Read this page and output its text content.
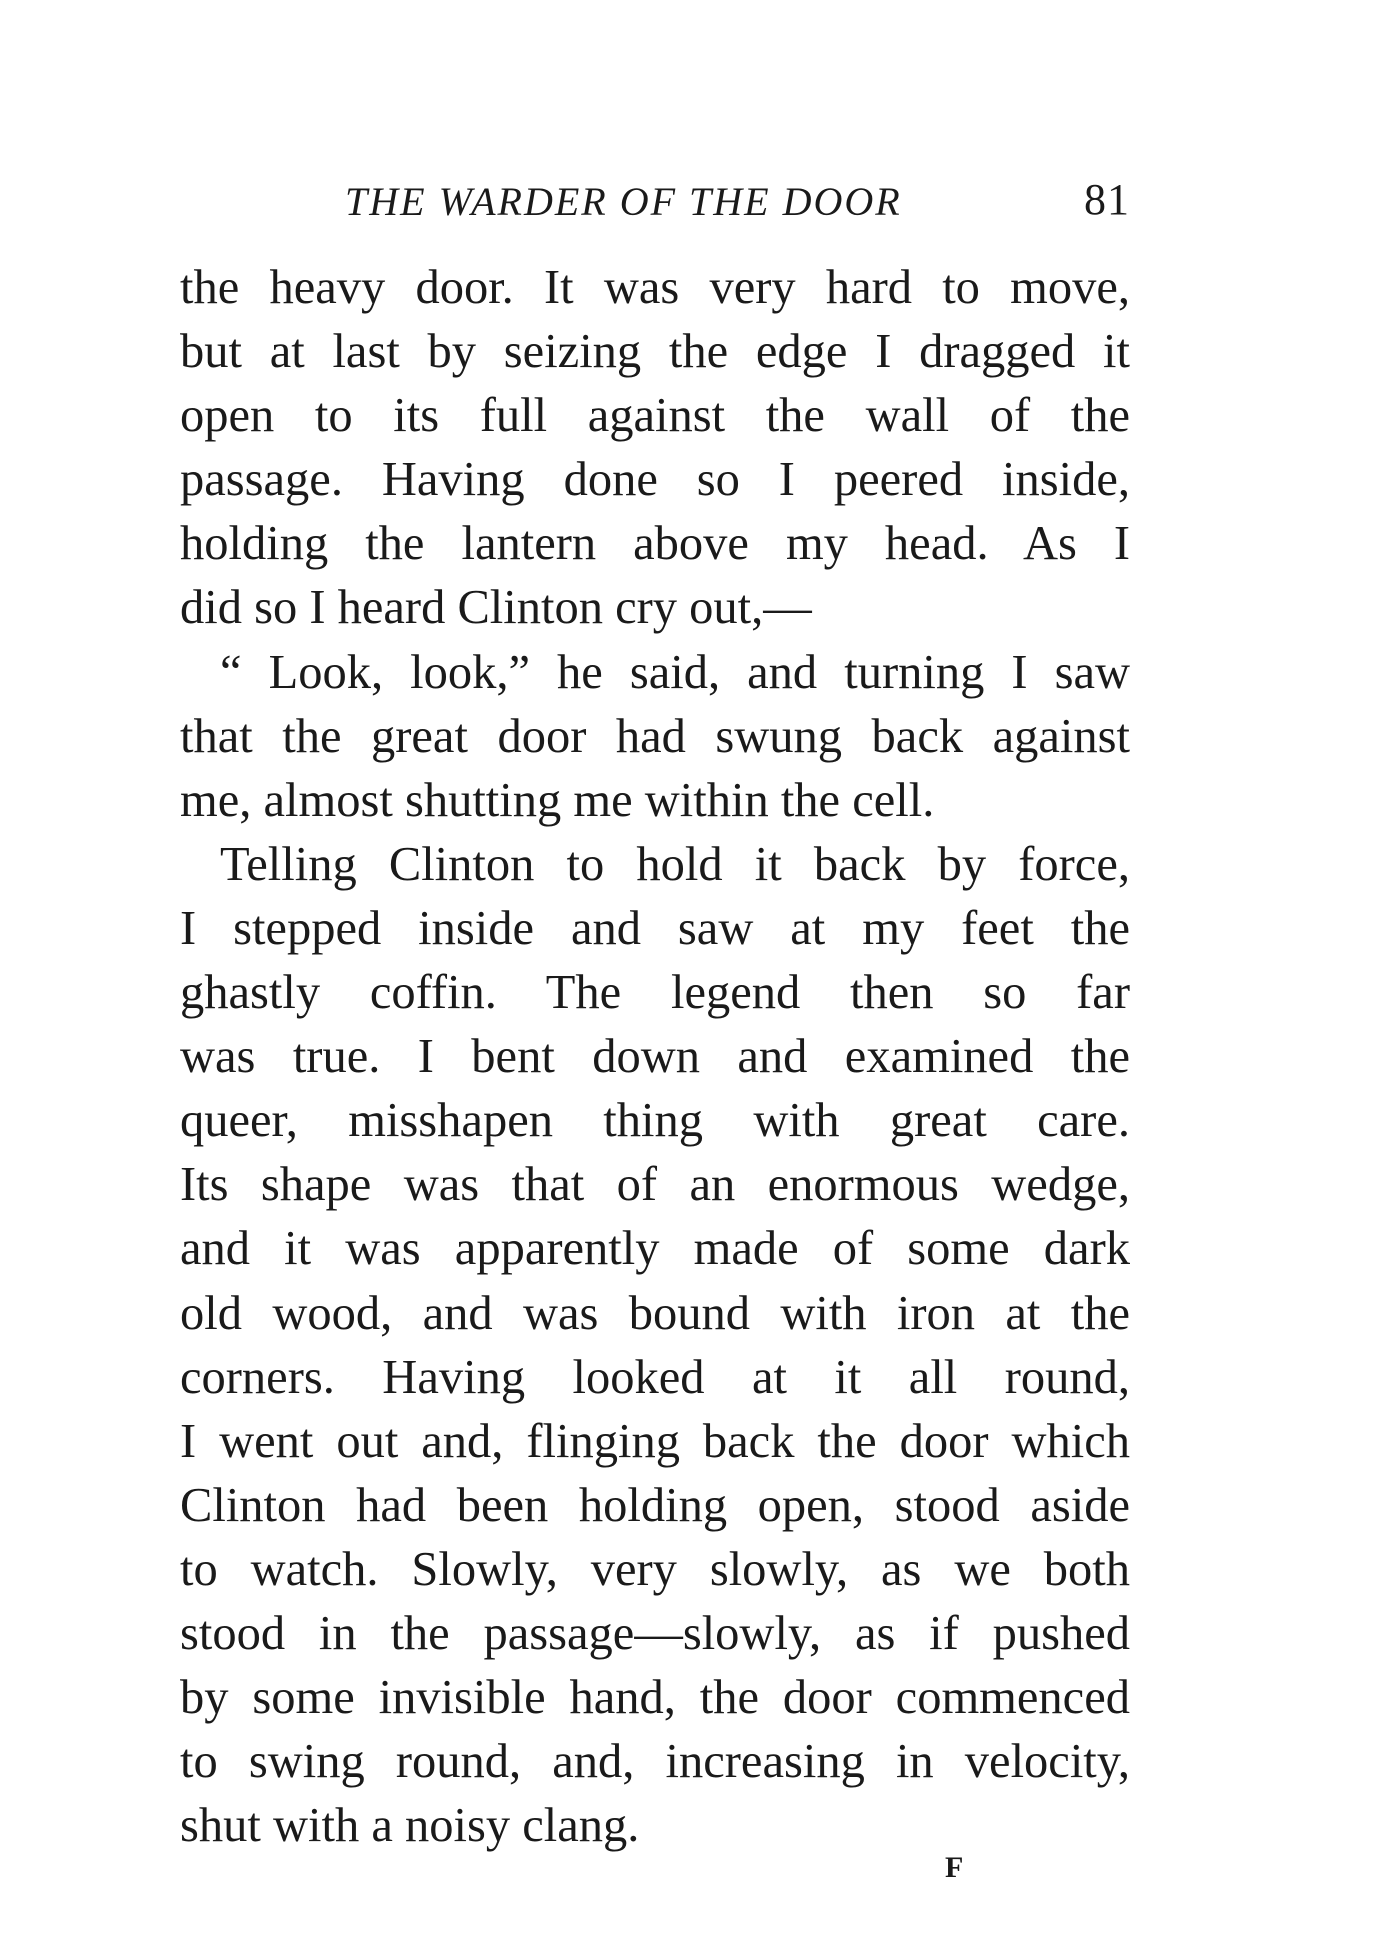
THE WARDER OF THE DOOR	81
the heavy door. It was very hard to move,
but at last by seizing the edge I dragged it
open to its full against the wall of the
passage. Having done so I peered inside,
holding the lantern above my head. As I
did so I heard Clinton cry out,—
“ Look, look,” he said, and turning I saw
that the great door had swung back against
me, almost shutting me within the cell.
Telling Clinton to hold it back by force,
I stepped inside and saw at my feet the
ghastly coffin. The legend then so far
was true. I bent down and examined the
queer, misshapen thing with great care.
Its shape was that of an enormous wedge,
and it was apparently made of some dark
old wood, and was bound with iron at the
corners. Having looked at it all round,
I went out and, flinging back the door which
Clinton had been holding open, stood aside
to watch. Slowly, very slowly, as we both
stood in the passage—slowly, as if pushed
by some invisible hand, the door commenced
to swing round, and, increasing in velocity,
shut with a noisy clang.
F
